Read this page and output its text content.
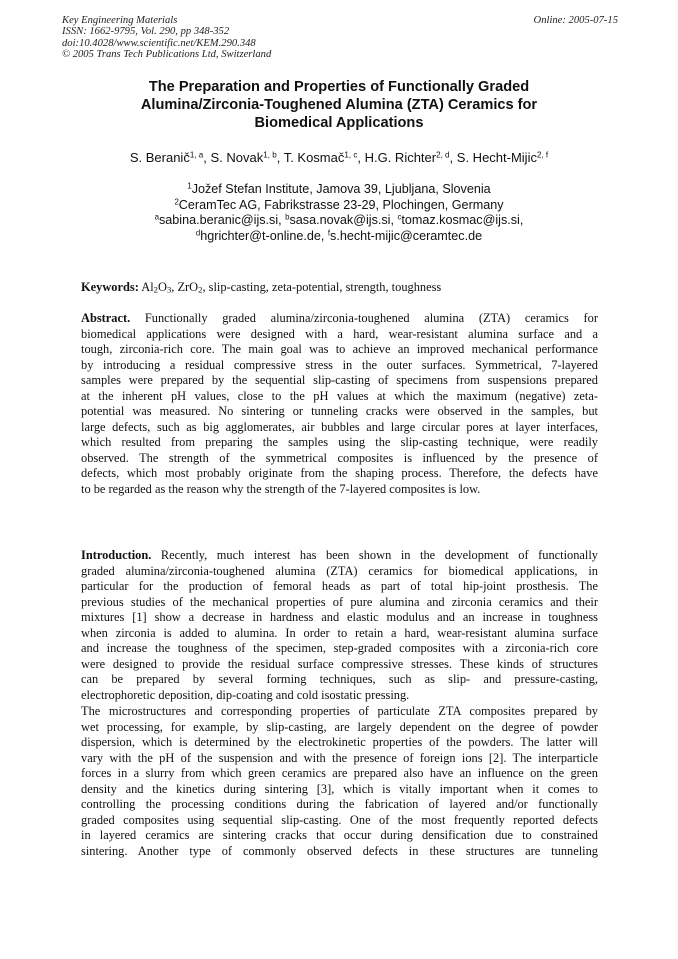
Key Engineering Materials
ISSN: 1662-9795, Vol. 290, pp 348-352
doi:10.4028/www.scientific.net/KEM.290.348
© 2005 Trans Tech Publications Ltd, Switzerland
Online: 2005-07-15
The Preparation and Properties of Functionally Graded
Alumina/Zirconia-Toughened Alumina (ZTA) Ceramics for
Biomedical Applications
S. Beranič$^{1, a}$, S. Novak$^{1, b}$, T. Kosmač$^{1, c}$, H.G. Richter$^{2, d}$, S. Hecht-Mijic$^{2, f}$
$^1$Jožef Stefan Institute, Jamova 39, Ljubljana, Slovenia
$^2$CeramTec AG, Fabrikstrasse 23-29, Plochingen, Germany
$^a$sabina.beranic@ijs.si, $^b$sasa.novak@ijs.si, $^c$tomaz.kosmac@ijs.si,
$^d$hgrichter@t-online.de, $^f$s.hecht-mijic@ceramtec.de
Keywords: $Al_2O_3$, ZrO$_2$, slip-casting, zeta-potential, strength, toughness
Abstract. Functionally graded alumina/zirconia-toughened alumina (ZTA) ceramics for
biomedical applications were designed with a hard, wear-resistant alumina surface and a
tough, zirconia-rich core. The main goal was to achieve an improved mechanical performance
by introducing a residual compressive stress in the outer surfaces. Symmetrical, 7-layered
samples were prepared by the sequential slip-casting of specimens from suspensions prepared
at the inherent pH values, close to the pH values at which the maximum (negative) zeta-
potential was measured. No sintering or tunneling cracks were observed in the samples, but
large defects, such as big agglomerates, air bubbles and large circular pores at layer interfaces,
which resulted from preparing the samples using the slip-casting technique, were readily
observed. The strength of the symmetrical composites is influenced by the presence of
defects, which most probably originate from the shaping process. Therefore, the defects have
to be regarded as the reason why the strength of the 7-layered composites is low.
Introduction. Recently, much interest has been shown in the development of functionally
graded alumina/zirconia-toughened alumina (ZTA) ceramics for biomedical applications, in
particular for the production of femoral heads as part of total hip-joint prosthesis. The
previous studies of the mechanical properties of pure alumina and zirconia ceramics and their
mixtures [1] show a decrease in hardness and elastic modulus and an increase in toughness
when zirconia is added to alumina. In order to retain a hard, wear-resistant alumina surface
and increase the toughness of the specimen, step-graded composites with a zirconia-rich core
were designed to provide the residual surface compressive stresses. These kinds of structures
can be prepared by several forming techniques, such as slip- and pressure-casting,
electrophoretic deposition, dip-coating and cold isostatic pressing.
The microstructures and corresponding properties of particulate ZTA composites prepared by
wet processing, for example, by slip-casting, are largely dependent on the degree of powder
dispersion, which is determined by the electrokinetic properties of the powders. The latter will
vary with the pH of the suspension and with the presence of foreign ions [2]. The interparticle
forces in a slurry from which green ceramics are prepared also have an influence on the green
density and the kinetics during sintering [3], which is vitally important when it comes to
controlling the processing conditions during the fabrication of layered and/or functionally
graded composites using sequential slip-casting. One of the most frequently reported defects
in layered ceramics are sintering cracks that occur during densification due to constrained
sintering. Another type of commonly observed defects in these structures are tunneling
